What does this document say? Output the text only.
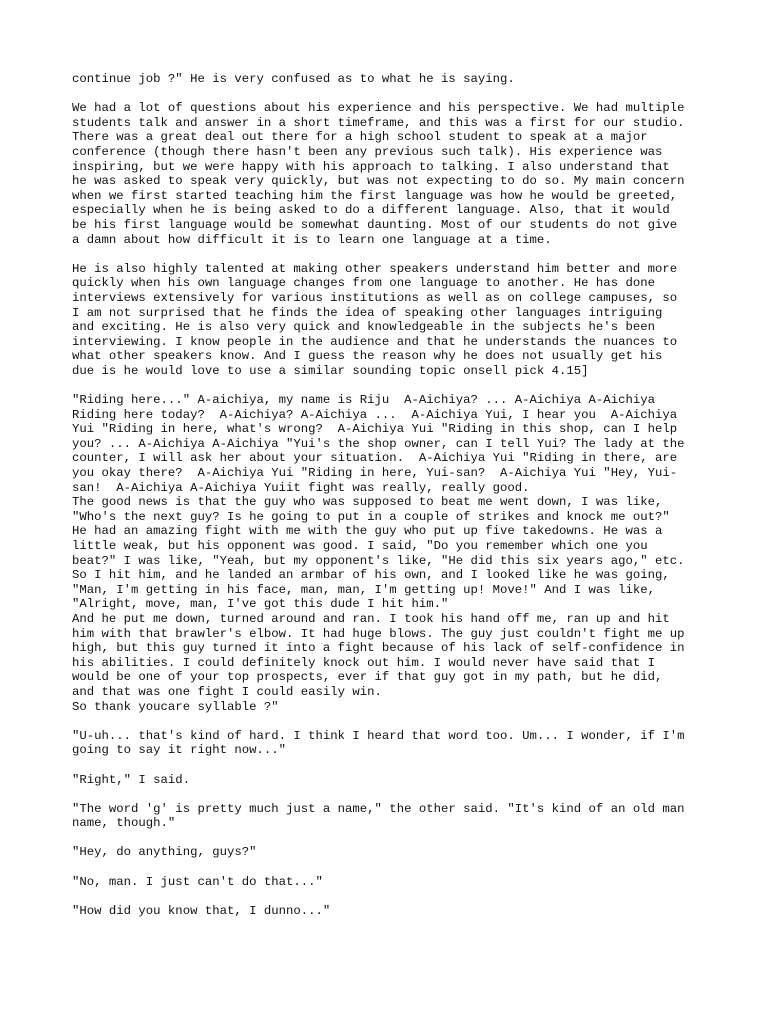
continue job ?" He is very confused as to what he is saying.

We had a lot of questions about his experience and his perspective. We had multiple
students talk and answer in a short timeframe, and this was a first for our studio.
There was a great deal out there for a high school student to speak at a major
conference (though there hasn't been any previous such talk). His experience was
inspiring, but we were happy with his approach to talking. I also understand that
he was asked to speak very quickly, but was not expecting to do so. My main concern
when we first started teaching him the first language was how he would be greeted,
especially when he is being asked to do a different language. Also, that it would
be his first language would be somewhat daunting. Most of our students do not give
a damn about how difficult it is to learn one language at a time.

He is also highly talented at making other speakers understand him better and more
quickly when his own language changes from one language to another. He has done
interviews extensively for various institutions as well as on college campuses, so
I am not surprised that he finds the idea of speaking other languages intriguing
and exciting. He is also very quick and knowledgeable in the subjects he's been
interviewing. I know people in the audience and that he understands the nuances to
what other speakers know. And I guess the reason why he does not usually get his
due is he would love to use a similar sounding topic onsell pick 4.15]

"Riding here..." A-aichiya, my name is Riju  A-Aichiya? ... A-Aichiya A-Aichiya
Riding here today?  A-Aichiya? A-Aichiya ...  A-Aichiya Yui, I hear you  A-Aichiya
Yui "Riding in here, what's wrong?  A-Aichiya Yui "Riding in this shop, can I help
you? ... A-Aichiya A-Aichiya "Yui's the shop owner, can I tell Yui? The lady at the
counter, I will ask her about your situation.  A-Aichiya Yui "Riding in there, are
you okay there?  A-Aichiya Yui "Riding in here, Yui-san?  A-Aichiya Yui "Hey, Yui-
san!  A-Aichiya A-Aichiya Yuiit fight was really, really good.

The good news is that the guy who was supposed to beat me went down, I was like,
"Who's the next guy? Is he going to put in a couple of strikes and knock me out?"
He had an amazing fight with me with the guy who put up five takedowns. He was a
little weak, but his opponent was good. I said, "Do you remember which one you
beat?" I was like, "Yeah, but my opponent's like, "He did this six years ago," etc.
So I hit him, and he landed an armbar of his own, and I looked like he was going,
"Man, I'm getting in his face, man, man, I'm getting up! Move!" And I was like,
"Alright, move, man, I've got this dude I hit him."

And he put me down, turned around and ran. I took his hand off me, ran up and hit
him with that brawler's elbow. It had huge blows. The guy just couldn't fight me up
high, but this guy turned it into a fight because of his lack of self-confidence in
his abilities. I could definitely knock out him. I would never have said that I
would be one of your top prospects, ever if that guy got in my path, but he did,
and that was one fight I could easily win.

So thank youcare syllable ?"

"U-uh... that's kind of hard. I think I heard that word too. Um... I wonder, if I'm
going to say it right now..."

"Right," I said.

"The word 'g' is pretty much just a name," the other said. "It's kind of an old man
name, though."

"Hey, do anything, guys?"

"No, man. I just can't do that..."

"How did you know that, I dunno..."
